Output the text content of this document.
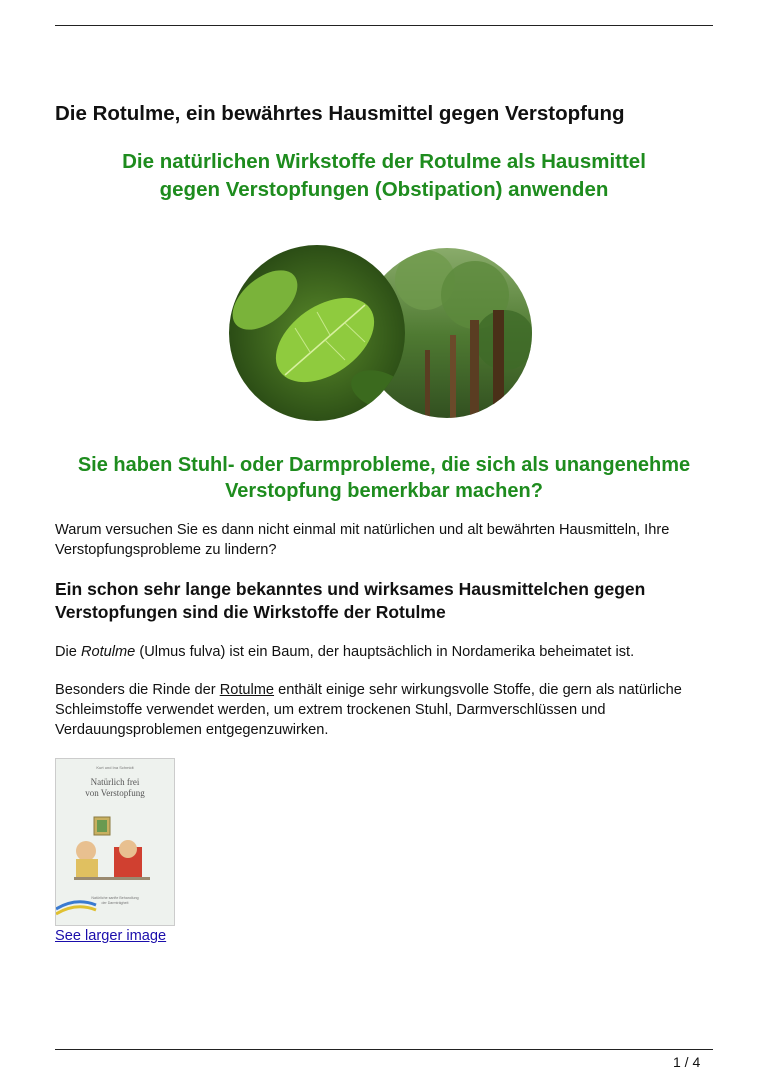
Die Rotulme, ein bewährtes Hausmittel gegen Verstopfung
Die natürlichen Wirkstoffe der Rotulme als Hausmittel
gegen Verstopfungen (Obstipation) anwenden
Sie haben Stuhl- oder Darmprobleme, die sich als unangenehme
Verstopfung bemerkbar machen?

Warum versuchen Sie es dann nicht einmal mit natürlichen und alt bewährten Hausmitteln, Ihre Verstopfungsprobleme zu lindern?

Ein schon sehr lange bekanntes und wirksames Hausmittelchen gegen Verstopfungen sind die Wirkstoffe der Rotulme

Die Rotulme (Ulmus fulva) ist ein Baum, der hauptsächlich in Nordamerika beheimatet ist.

Besonders die Rinde der Rotulme enthält einige sehr wirkungsvolle Stoffe, die gern als natürliche Schleimstoffe verwendet werden, um extrem trockenen Stuhl, Darmverschlüssen und Verdauungsproblemen entgegenzuwirken.

Kurt und Ina Schmidt
Natürlich frei
von Verstopfung
Natürliche sanfte Behandlung
der Darmträgheit
See larger image
1 / 4
